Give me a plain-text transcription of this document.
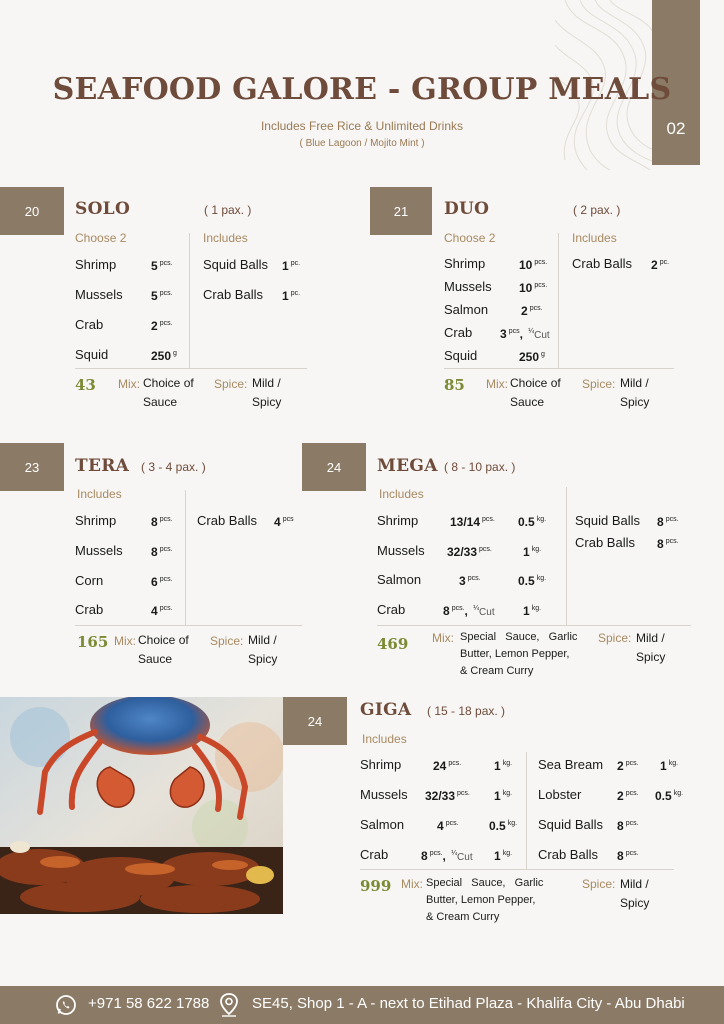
02
SEAFOOD GALORE - GROUP MEALS
Includes Free Rice & Unlimited Drinks
( Blue Lagoon / Mojito Mint )
20	SOLO	( 1 pax. )
Choose 2	Includes
Shrimp	5 $^{pcs.}$
Mussels 5 $^{pcs.}$
Crab	2 $^{pcs.}$
Squid	250 $^g$
Squid Balls 1 $^{pc.}$
Crab Balls 1 $^{pc.}$
43 Mix: Choice of
Sauce
Spice: Mild /
Spicy
21	DUO	( 2 pax. )
Choose 2	Includes
Shrimp	10 $^{pcs.}$
Mussels 10 $^{pcs.}$
Salmon	2 $^{pcs.}$
Crab 3 $^{pcs}$, $^{\frac{1}{4}}$Cut
Squid	250 $^g$
Crab Balls 2 $^{pc.}$
85 Mix: Choice of
Sauce
Spice: Mild /
Spicy
23	TERA ( 3 - 4 pax. )
Includes
Shrimp	8 $^{pcs.}$
Mussels 8 $^{pcs.}$
Corn	6 $^{pcs.}$
Crab	4 $^{pcs.}$
Crab Balls 4 $^{pcs}$
165 Mix: Choice of
Sauce
Spice: Mild /
Spicy
24	MEGA ( 8 - 10 pax. )
Includes
Shrimp	13/14 $^{pcs.}$ 0.5 $^{kg.}$
Mussels 32/33 $^{pcs.}$	1 $^{kg.}$
Salmon	3 $^{pcs.}$	0.5 $^{kg.}$
Crab	8 $^{pcs.}$, $^{\frac{1}{4}}$Cut 1 $^{kg.}$
Squid Balls 8 $^{pcs.}$
Crab Balls 8 $^{pcs.}$
469 Mix: Special   Sauce,   Garlic
Butter, Lemon Pepper,
& Cream Curry
Spice: Mild /
Spicy
24
GIGA ( 15 - 18 pax. )
Includes
Shrimp	24 $^{pcs.}$	1 $^{kg.}$
Mussels 32/33 $^{pcs.}$ 1 $^{kg.}$
Salmon	4 $^{pcs.}$	0.5 $^{kg.}$
Crab	8 $^{pcs.}$, $^{\frac{1}{4}}$Cut 1 $^{kg.}$
Sea Bream 2 $^{pcs.}$ 1 $^{kg.}$
Lobster	2 $^{pcs.}$ 0.5 $^{kg.}$
Squid Balls 8 $^{pcs.}$
Crab Balls 8 $^{pcs.}$
999 Mix: Special   Sauce,   Garlic
Butter, Lemon Pepper,
& Cream Curry
Spice: Mild /
Spicy
+971 58 622 1788	SE45, Shop 1 - A - next to Etihad Plaza - Khalifa City - Abu Dhabi
